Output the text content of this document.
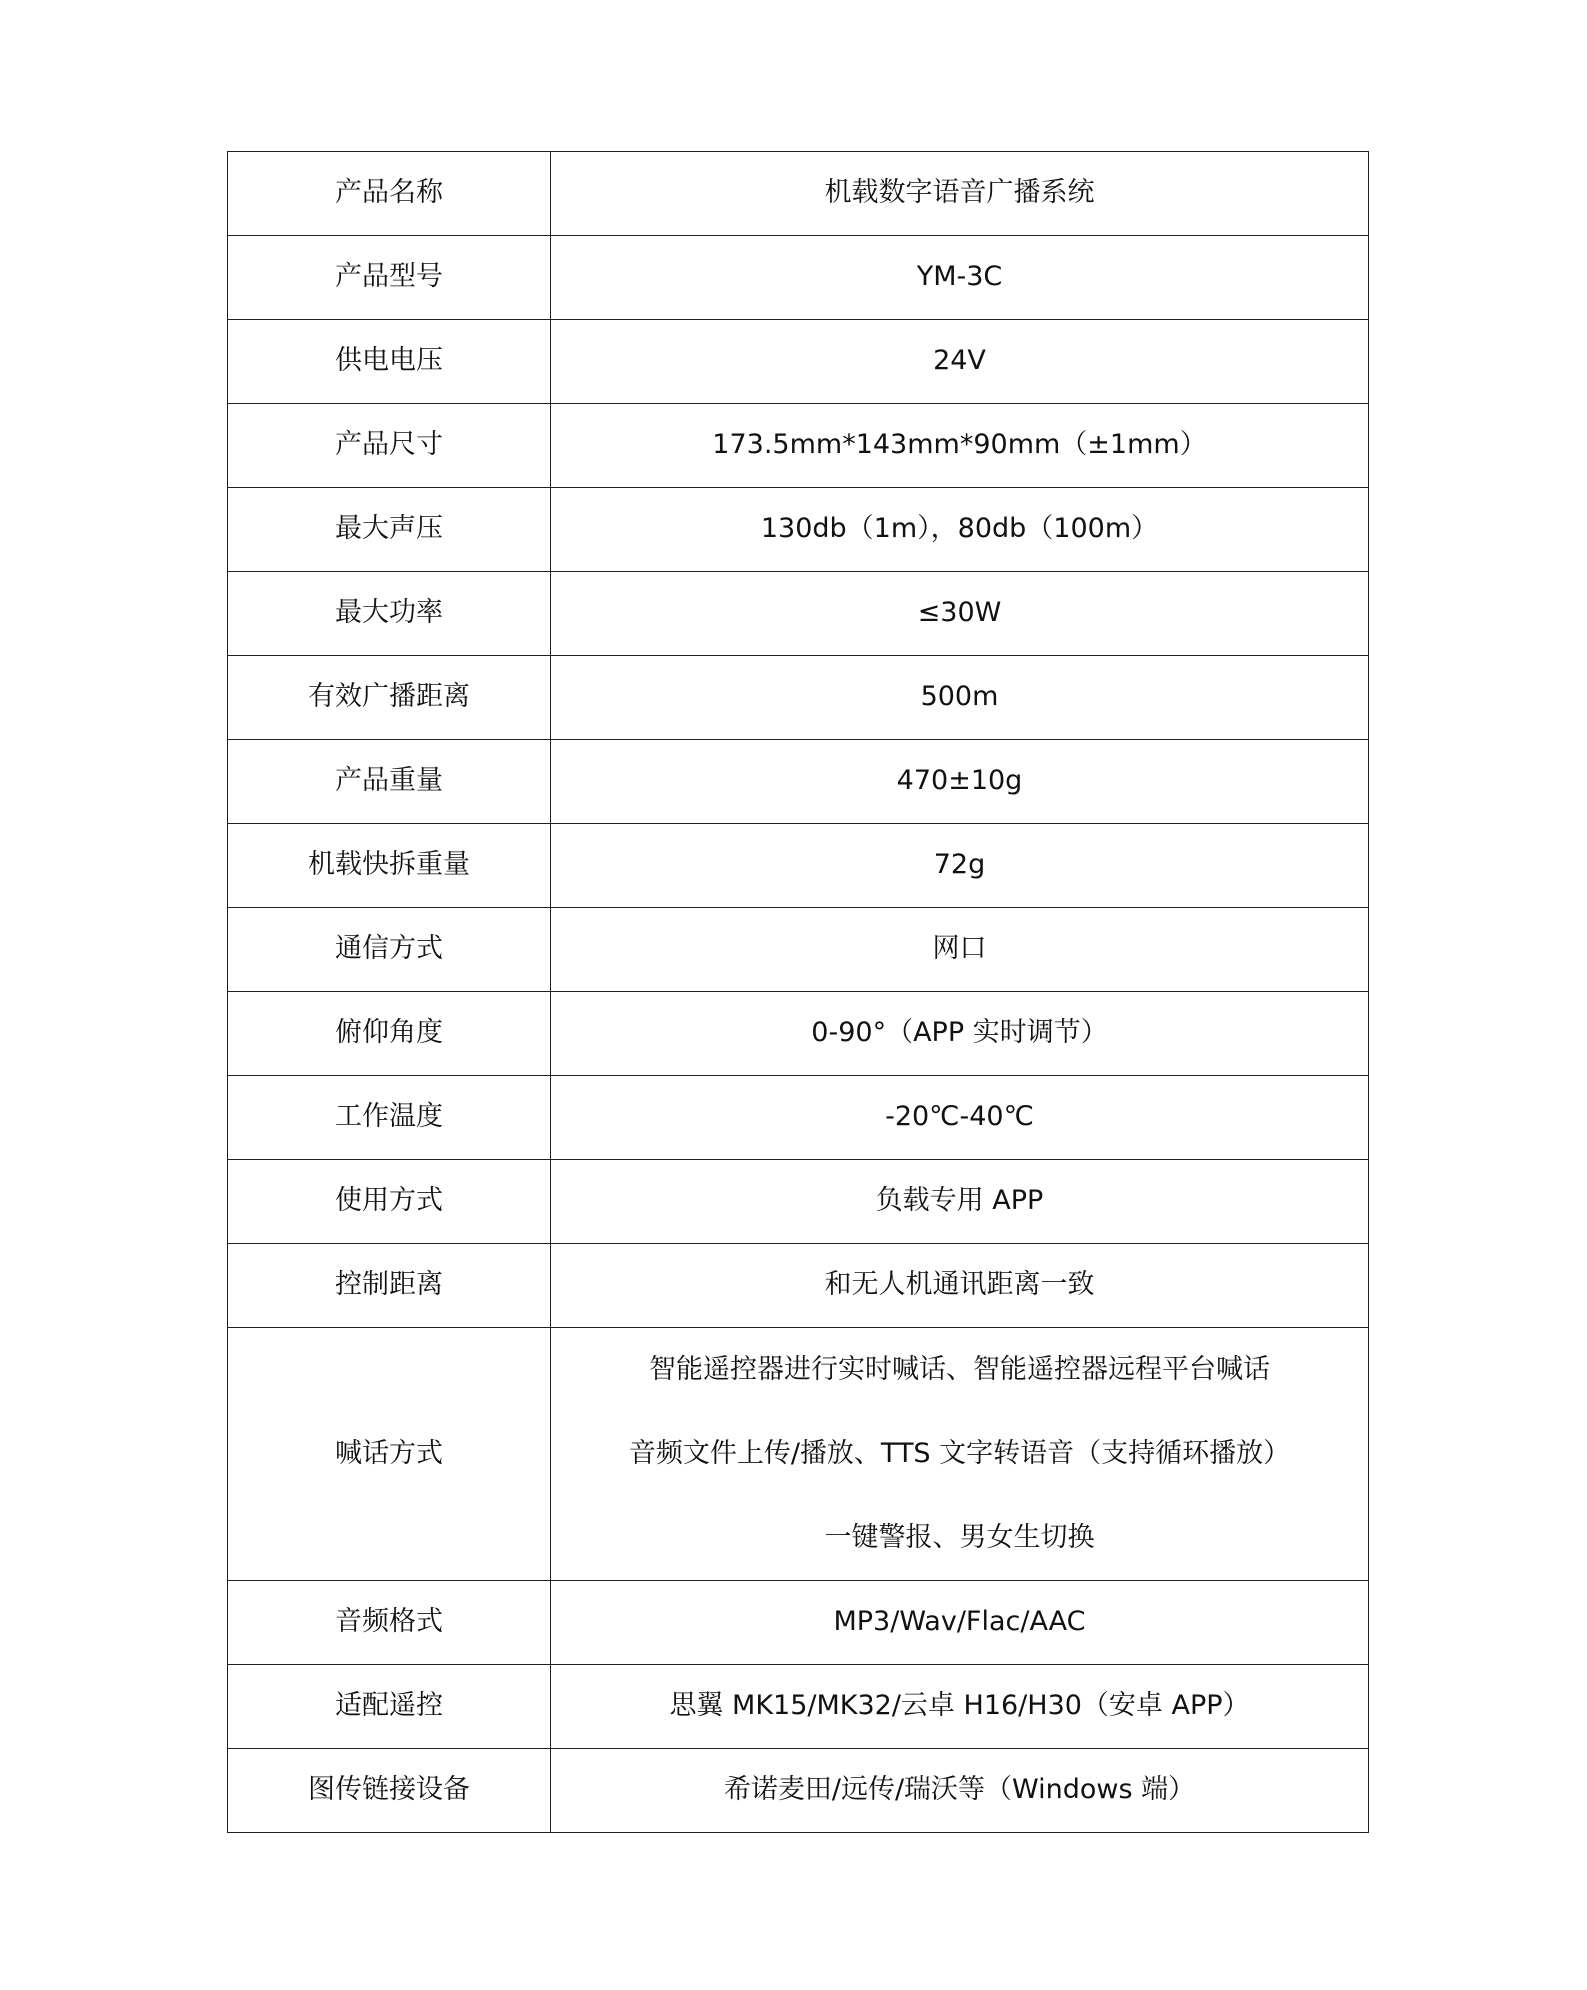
产品名称	机载数字语音广播系统
产品型号	YM-3C
供电电压	24V
产品尺寸	173.5mm*143mm*90mm（±1mm）
最大声压	130db（1m），80db（100m）
最大功率	≤30W
有效广播距离	500m
产品重量	470±10g
机载快拆重量	72g
通信方式	网口
俯仰角度	0-90°（APP 实时调节）
工作温度	-20℃-40℃
使用方式	负载专用 APP
控制距离	和无人机通讯距离一致
喊话方式	智能遥控器进行实时喊话、智能遥控器远程平台喊话
音频文件上传/播放、TTS 文字转语音（支持循环播放）
一键警报、男女生切换

音频格式	MP3/Wav/Flac/AAC
适配遥控	思翼 MK15/MK32/云卓 H16/H30（安卓 APP）
图传链接设备	希诺麦田/远传/瑞沃等（Windows 端）
